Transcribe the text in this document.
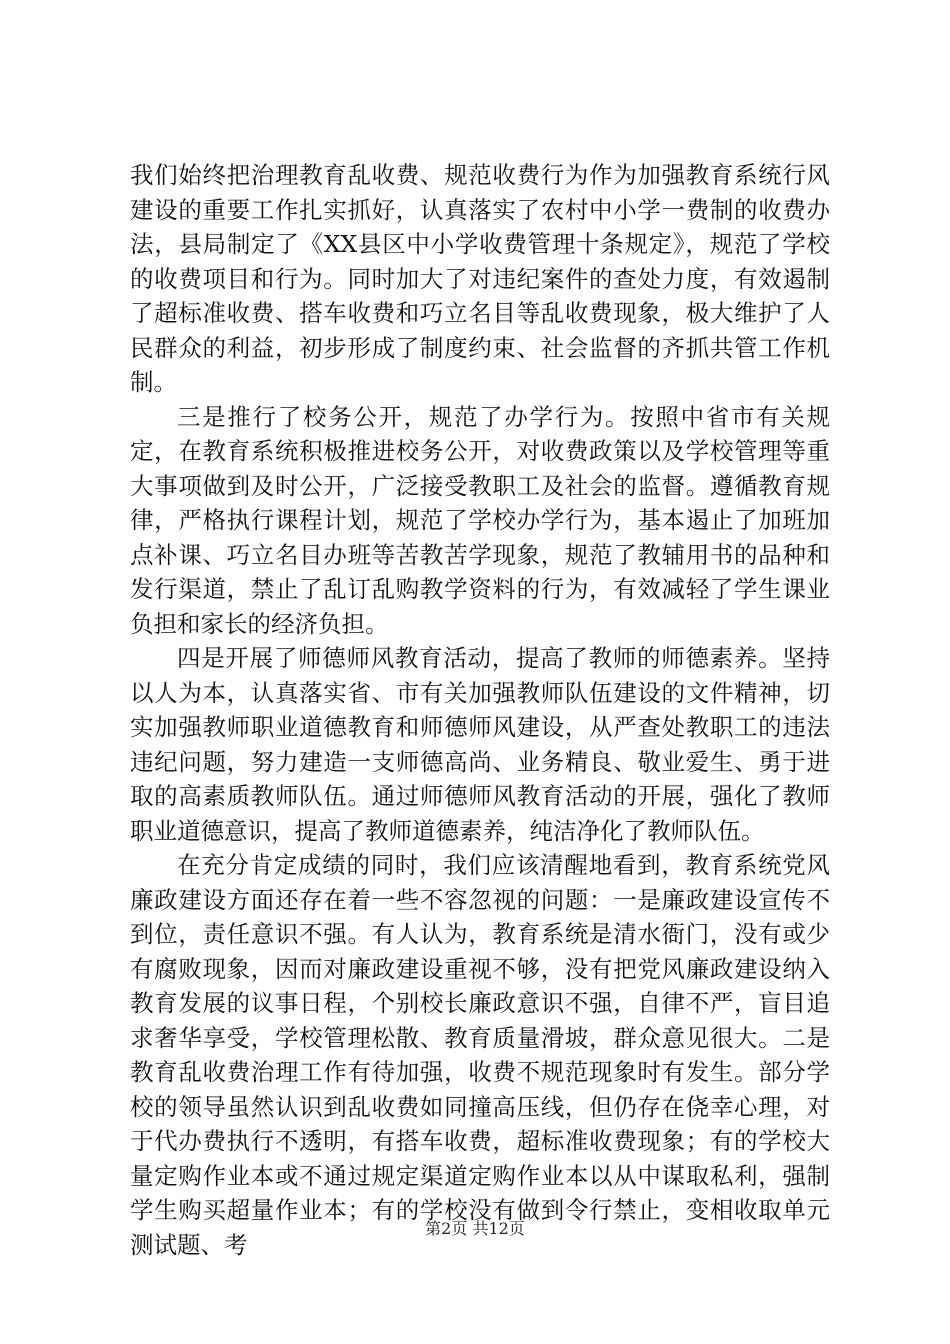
我们始终把治理教育乱收费、规范收费行为作为加强教育系统行风建设的重要工作扎实抓好，认真落实了农村中小学一费制的收费办法，县局制定了《XX县区中小学收费管理十条规定》，规范了学校的收费项目和行为。同时加大了对违纪案件的查处力度，有效遏制了超标准收费、搭车收费和巧立名目等乱收费现象，极大维护了人民群众的利益，初步形成了制度约束、社会监督的齐抓共管工作机制。

三是推行了校务公开，规范了办学行为。按照中省市有关规定，在教育系统积极推进校务公开，对收费政策以及学校管理等重大事项做到及时公开，广泛接受教职工及社会的监督。遵循教育规律，严格执行课程计划，规范了学校办学行为，基本遏止了加班加点补课、巧立名目办班等苦教苦学现象，规范了教辅用书的品种和发行渠道，禁止了乱订乱购教学资料的行为，有效减轻了学生课业负担和家长的经济负担。

四是开展了师德师风教育活动，提高了教师的师德素养。坚持以人为本，认真落实省、市有关加强教师队伍建设的文件精神，切实加强教师职业道德教育和师德师风建设，从严查处教职工的违法违纪问题，努力建造一支师德高尚、业务精良、敬业爱生、勇于进取的高素质教师队伍。通过师德师风教育活动的开展，强化了教师职业道德意识，提高了教师道德素养，纯洁净化了教师队伍。

在充分肯定成绩的同时，我们应该清醒地看到，教育系统党风廉政建设方面还存在着一些不容忽视的问题：一是廉政建设宣传不到位，责任意识不强。有人认为，教育系统是清水衙门，没有或少有腐败现象，因而对廉政建设重视不够，没有把党风廉政建设纳入教育发展的议事日程，个别校长廉政意识不强，自律不严，盲目追求奢华享受，学校管理松散、教育质量滑坡，群众意见很大。二是教育乱收费治理工作有待加强，收费不规范现象时有发生。部分学校的领导虽然认识到乱收费如同撞高压线，但仍存在侥幸心理，对于代办费执行不透明，有搭车收费，超标准收费现象；有的学校大量定购作业本或不通过规定渠道定购作业本以从中谋取私利，强制学生购买超量作业本；有的学校没有做到令行禁止，变相收取单元测试题、考

第2页 共12页
